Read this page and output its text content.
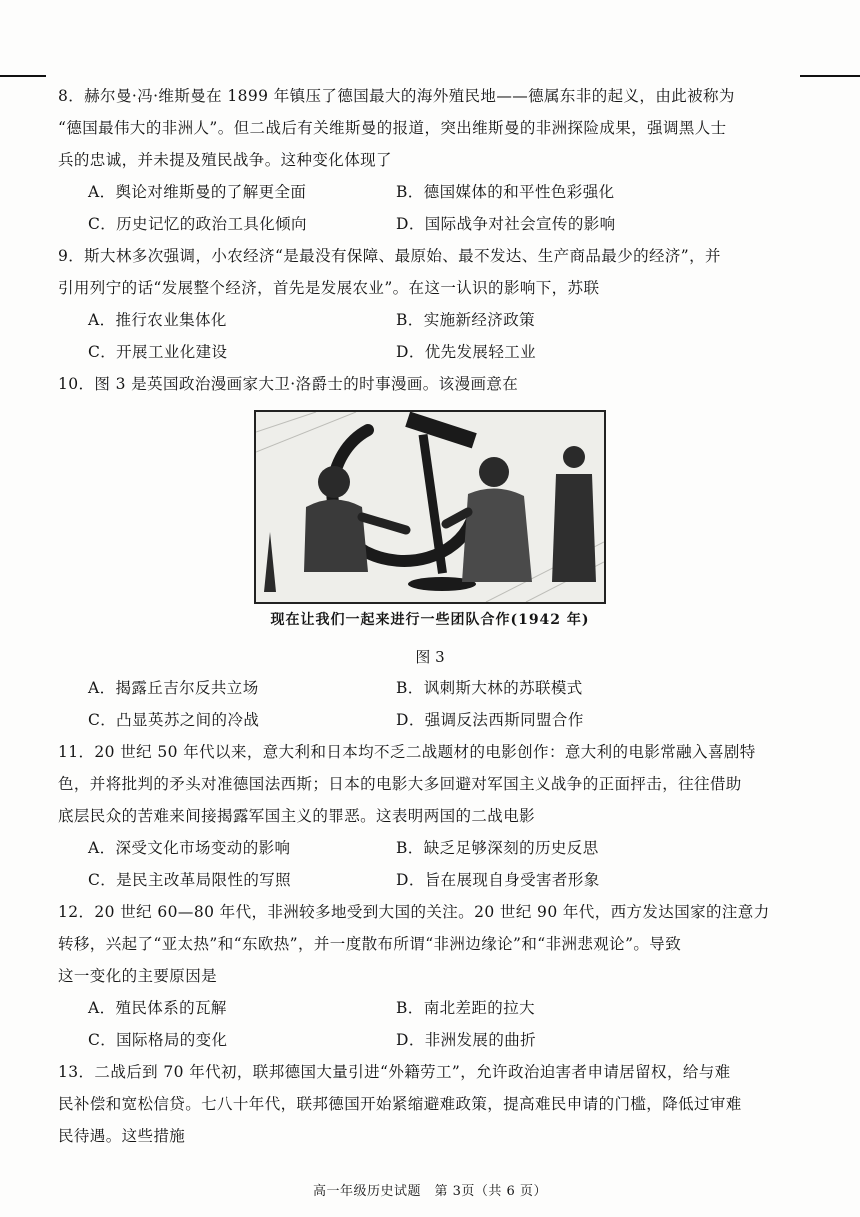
8．赫尔曼·冯·维斯曼在 1899 年镇压了德国最大的海外殖民地——德属东非的起义，由此被称为

“德国最伟大的非洲人”。但二战后有关维斯曼的报道，突出维斯曼的非洲探险成果，强调黑人士

兵的忠诚，并未提及殖民战争。这种变化体现了

A．舆论对维斯曼的了解更全面	B．德国媒体的和平性色彩强化
C．历史记忆的政治工具化倾向	D．国际战争对社会宣传的影响

9．斯大林多次强调，小农经济“是最没有保障、最原始、最不发达、生产商品最少的经济”，并

引用列宁的话“发展整个经济，首先是发展农业”。在这一认识的影响下，苏联

A．推行农业集体化	B．实施新经济政策
C．开展工业化建设	D．优先发展轻工业

10．图 3 是英国政治漫画家大卫·洛爵士的时事漫画。该漫画意在

现在让我们一起来进行一些团队合作(1942 年)
图 3
A．揭露丘吉尔反共立场	B．讽刺斯大林的苏联模式
C．凸显英苏之间的冷战	D．强调反法西斯同盟合作

11．20 世纪 50 年代以来，意大利和日本均不乏二战题材的电影创作：意大利的电影常融入喜剧特

色，并将批判的矛头对准德国法西斯；日本的电影大多回避对军国主义战争的正面抨击，往往借助

底层民众的苦难来间接揭露军国主义的罪恶。这表明两国的二战电影

A．深受文化市场变动的影响	B．缺乏足够深刻的历史反思
C．是民主改革局限性的写照	D．旨在展现自身受害者形象

12．20 世纪 60—80 年代，非洲较多地受到大国的关注。20 世纪 90 年代，西方发达国家的注意力

转移，兴起了“亚太热”和“东欧热”，并一度散布所谓“非洲边缘论”和“非洲悲观论”。导致

这一变化的主要原因是

A．殖民体系的瓦解	B．南北差距的拉大
C．国际格局的变化	D．非洲发展的曲折

13．二战后到 70 年代初，联邦德国大量引进“外籍劳工”，允许政治迫害者申请居留权，给与难

民补偿和宽松信贷。七八十年代，联邦德国开始紧缩避难政策，提高难民申请的门槛，降低过审难

民待遇。这些措施

高一年级历史试题　第 3页（共 6 页）
